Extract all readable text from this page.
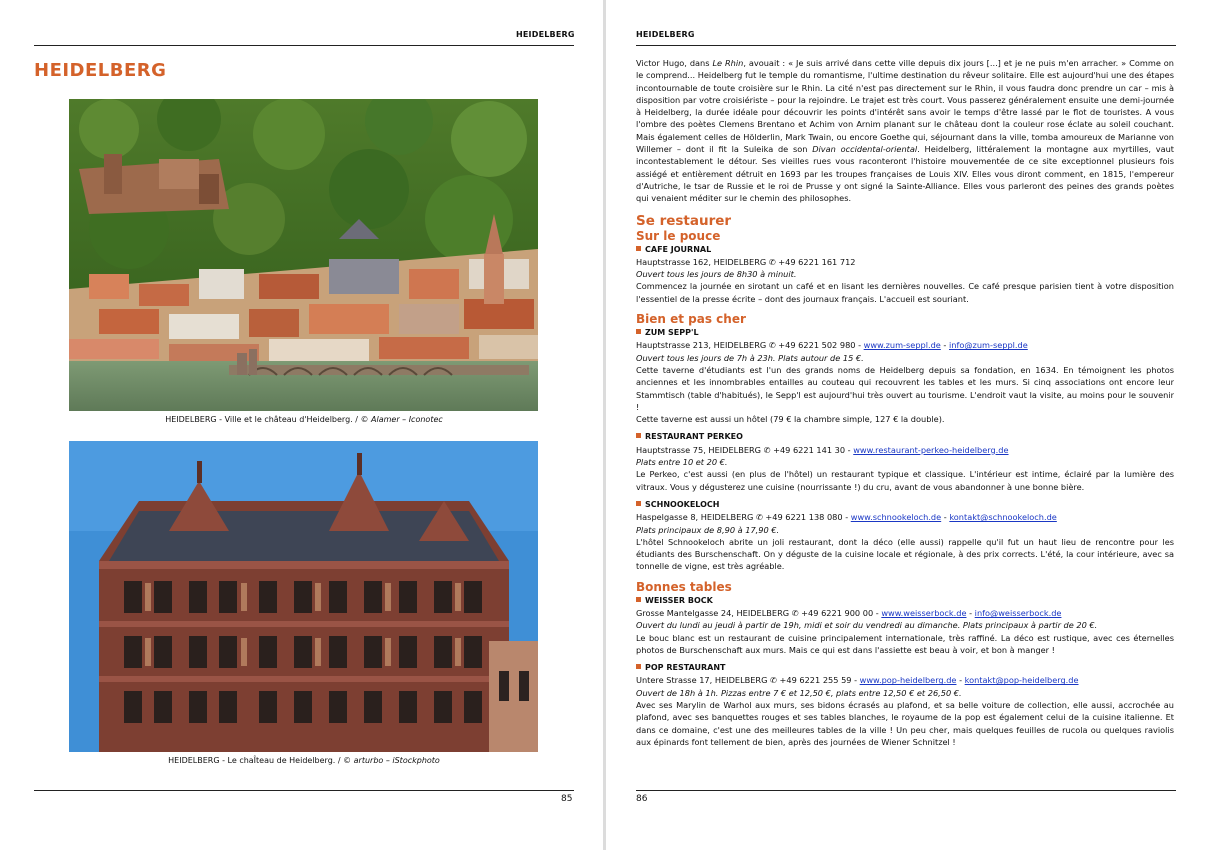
HEIDELBERG
HEIDELBERG
HEIDELBERG - Ville et le château d'Heidelberg. / © Alamer – Iconotec
HEIDELBERG - Le chaÎteau de Heidelberg. / © arturbo – iStockphoto
85
HEIDELBERG

Victor Hugo, dans Le Rhin, avouait : « Je suis arrivé dans cette ville depuis dix jours [...] et je ne puis m'en arracher. » Comme on le comprend... Heidelberg fut le temple du romantisme, l'ultime destination du rêveur solitaire. Elle est aujourd'hui une des étapes incontournable de toute croisière sur le Rhin. La cité n'est pas directement sur le Rhin, il vous faudra donc prendre un car – mis à disposition par votre croisiériste – pour la rejoindre. Le trajet est très court. Vous passerez généralement ensuite une demi-journée à Heidelberg, la durée idéale pour découvrir les points d'intérêt sans avoir le temps d'être lassé par le flot de touristes. A vous l'ombre des poètes Clemens Brentano et Achim von Arnim planant sur le château dont la couleur rose éclate au soleil couchant. Mais également celles de Hölderlin, Mark Twain, ou encore Goethe qui, séjournant dans la ville, tomba amoureux de Marianne von Willemer – dont il fit la Suleika de son Divan occidental-oriental. Heidelberg, littéralement la montagne aux myrtilles, vaut incontestablement le détour. Ses vieilles rues vous raconteront l'histoire mouvementée de ce site exceptionnel plusieurs fois assiégé et entièrement détruit en 1693 par les troupes françaises de Louis XIV. Elles vous diront comment, en 1815, l'empereur d'Autriche, le tsar de Russie et le roi de Prusse y ont signé la Sainte-Alliance. Elles vous parleront des peines des grands poètes qui venaient méditer sur le chemin des philosophes.

Se restaurer
Sur le pouce
CAFE JOURNAL
Hauptstrasse 162, HEIDELBERG ✆ +49 6221 161 712
Ouvert tous les jours de 8h30 à minuit.

Commencez la journée en sirotant un café et en lisant les dernières nouvelles. Ce café presque parisien tient à votre disposition l'essentiel de la presse écrite – dont des journaux français. L'accueil est souriant.

Bien et pas cher
ZUM SEPP'L
Hauptstrasse 213, HEIDELBERG ✆ +49 6221 502 980 - www.zum-seppl.de - info@zum-seppl.de
Ouvert tous les jours de 7h à 23h. Plats autour de 15 €.

Cette taverne d'étudiants est l'un des grands noms de Heidelberg depuis sa fondation, en 1634. En témoignent les photos anciennes et les innombrables entailles au couteau qui recouvrent les tables et les murs. Si cinq associations ont encore leur Stammtisch (table d'habitués), le Sepp'l est aujourd'hui très ouvert au tourisme. L'endroit vaut la visite, au moins pour le souvenir !

Cette taverne est aussi un hôtel (79 € la chambre simple, 127 € la double).

RESTAURANT PERKEO
Hauptstrasse 75, HEIDELBERG ✆ +49 6221 141 30 - www.restaurant-perkeo-heidelberg.de
Plats entre 10 et 20 €.

Le Perkeo, c'est aussi (en plus de l'hôtel) un restaurant typique et classique. L'intérieur est intime, éclairé par la lumière des vitraux. Vous y dégusterez une cuisine (nourrissante !) du cru, avant de vous abandonner à une bonne bière.

SCHNOOKELOCH
Haspelgasse 8, HEIDELBERG ✆ +49 6221 138 080 - www.schnookeloch.de - kontakt@schnookeloch.de
Plats principaux de 8,90 à 17,90 €.

L'hôtel Schnookeloch abrite un joli restaurant, dont la déco (elle aussi) rappelle qu'il fut un haut lieu de rencontre pour les étudiants des Burschenschaft. On y déguste de la cuisine locale et régionale, à des prix corrects. L'été, la cour intérieure, avec sa tonnelle de vigne, est très agréable.

Bonnes tables
WEISSER BOCK
Grosse Mantelgasse 24, HEIDELBERG ✆ +49 6221 900 00 - www.weisserbock.de - info@weisserbock.de
Ouvert du lundi au jeudi à partir de 19h, midi et soir du vendredi au dimanche. Plats principaux à partir de 20 €.

Le bouc blanc est un restaurant de cuisine principalement internationale, très raffiné. La déco est rustique, avec ces éternelles photos de Burschenschaft aux murs. Mais ce qui est dans l'assiette est beau à voir, et bon à manger !

POP RESTAURANT
Untere Strasse 17, HEIDELBERG ✆ +49 6221 255 59 - www.pop-heidelberg.de - kontakt@pop-heidelberg.de
Ouvert de 18h à 1h. Pizzas entre 7 € et 12,50 €, plats entre 12,50 € et 26,50 €.

Avec ses Marylin de Warhol aux murs, ses bidons écrasés au plafond, et sa belle voiture de collection, elle aussi, accrochée au plafond, avec ses banquettes rouges et ses tables blanches, le royaume de la pop est également celui de la cuisine italienne. Et dans ce domaine, c'est une des meilleures tables de la ville ! Un peu cher, mais quelques feuilles de rucola ou quelques raviolis aux épinards font tellement de bien, après des journées de Wiener Schnitzel !

86
